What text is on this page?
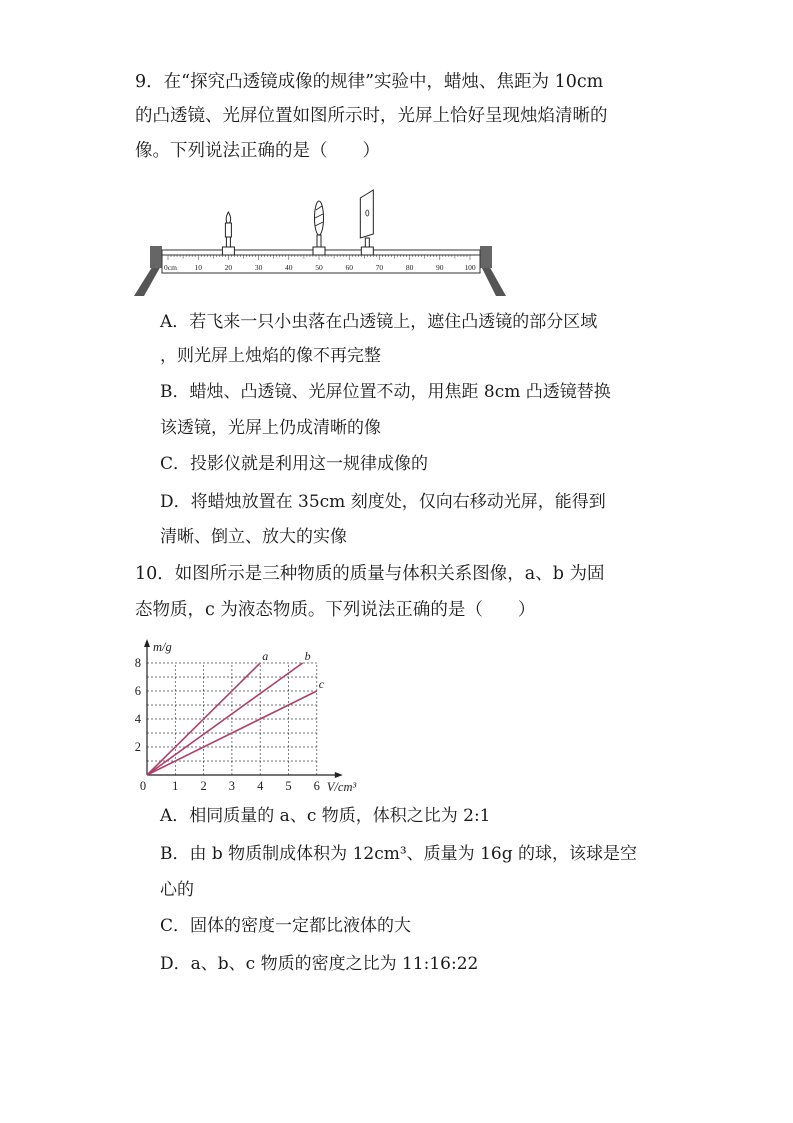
9．在“探究凸透镜成像的规律”实验中，蜡烛、焦距为 10cm
的凸透镜、光屏位置如图所示时，光屏上恰好呈现烛焰清晰的
像。下列说法正确的是（　　）
0cm 10	20	30	40	50	60	70	80	90	100
A．若飞来一只小虫落在凸透镜上，遮住凸透镜的部分区域
，则光屏上烛焰的像不再完整
B．蜡烛、凸透镜、光屏位置不动，用焦距 8cm 凸透镜替换
该透镜，光屏上仍成清晰的像
C．投影仪就是利用这一规律成像的
D．将蜡烛放置在 35cm 刻度处，仅向右移动光屏，能得到
清晰、倒立、放大的实像
10．如图所示是三种物质的质量与体积关系图像，a、b 为固
态物质，c 为液态物质。下列说法正确的是（　　）
a	b
c
0 1 2 3 4 5 6
2
4
6
8
m/g
V/cm³
A．相同质量的 a、c 物质，体积之比为 2:1
B．由 b 物质制成体积为 12cm³、质量为 16g 的球，该球是空
心的
C．固体的密度一定都比液体的大
D．a、b、c 物质的密度之比为 11:16:22
